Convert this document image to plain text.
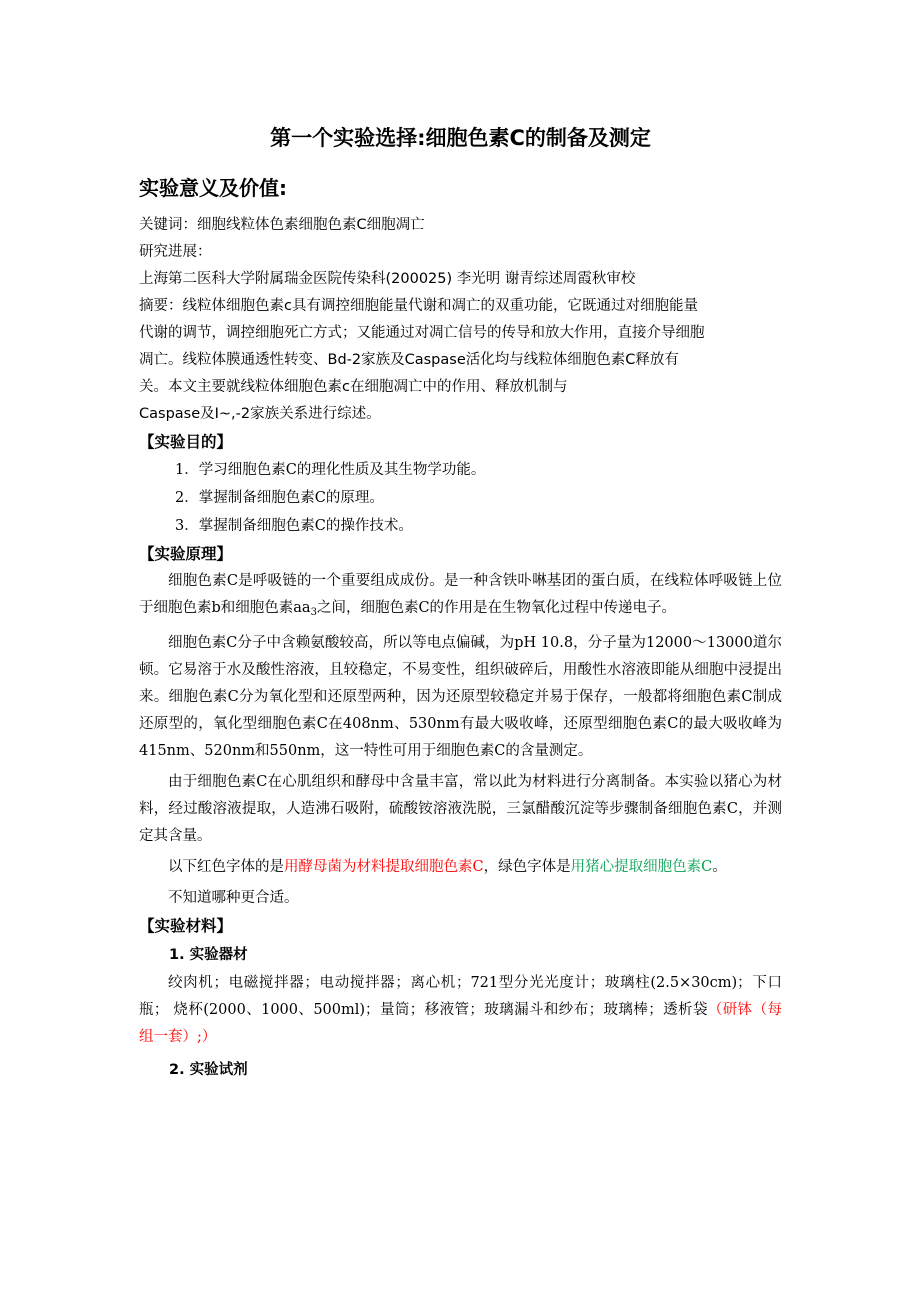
第一个实验选择:细胞色素C的制备及测定
实验意义及价值:

关键词：细胞线粒体色素细胞色素C细胞凋亡

研究进展：

上海第二医科大学附属瑞金医院传染科(200025) 李光明 谢青综述周霞秋审校

摘要：线粒体细胞色素c具有调控细胞能量代谢和凋亡的双重功能，它既通过对细胞能量

代谢的调节，调控细胞死亡方式；又能通过对凋亡信号的传导和放大作用，直接介导细胞

凋亡。线粒体膜通透性转变、Bd-2家族及Caspase活化均与线粒体细胞色素C释放有

关。本文主要就线粒体细胞色素c在细胞凋亡中的作用、释放机制与

Caspase及I~,-2家族关系进行综述。

【实验目的】

1．学习细胞色素C的理化性质及其生物学功能。

2．掌握制备细胞色素C的原理。

3．掌握制备细胞色素C的操作技术。

【实验原理】

细胞色素C是呼吸链的一个重要组成成份。是一种含铁卟啉基团的蛋白质，在线粒体呼吸链上位于细胞色素b和细胞色素$aa_3$之间，细胞色素C的作用是在生物氧化过程中传递电子。

细胞色素C分子中含赖氨酸较高，所以等电点偏碱，为pH 10.8，分子量为12000～13000道尔顿。它易溶于水及酸性溶液，且较稳定，不易变性，组织破碎后，用酸性水溶液即能从细胞中浸提出来。细胞色素C分为氧化型和还原型两种，因为还原型较稳定并易于保存，一般都将细胞色素C制成还原型的，氧化型细胞色素C在408nm、530nm有最大吸收峰，还原型细胞色素C的最大吸收峰为415nm、520nm和550nm，这一特性可用于细胞色素C的含量测定。

由于细胞色素C在心肌组织和酵母中含量丰富，常以此为材料进行分离制备。本实验以猪心为材料，经过酸溶液提取，人造沸石吸附，硫酸铵溶液洗脱，三氯醋酸沉淀等步骤制备细胞色素C，并测定其含量。

以下红色字体的是用酵母菌为材料提取细胞色素C，绿色字体是用猪心提取细胞色素C。

不知道哪种更合适。

【实验材料】
1. 实验器材

绞肉机；电磁搅拌器；电动搅拌器；离心机；721型分光光度计；玻璃柱(2.5×30cm)；下口瓶； 烧杯(2000、1000、500ml)；量筒；移液管；玻璃漏斗和纱布；玻璃棒；透析袋（研钵（每组一套）;）

2. 实验试剂
